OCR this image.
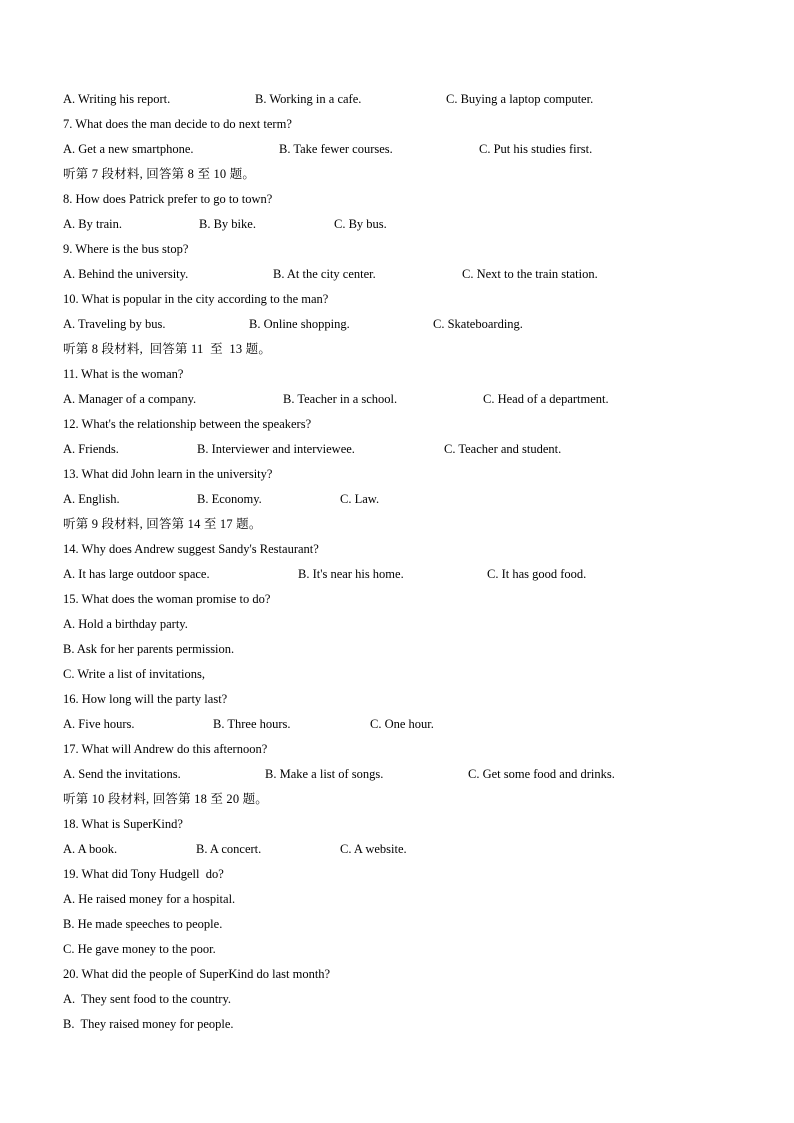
A. Writing his report.	B. Working in a cafe.	C. Buying a laptop computer.
7. What does the man decide to do next term?
A. Get a new smartphone.	B. Take fewer courses.	C. Put his studies first.
听第 7 段材料, 回答第 8 至 10 题。
8. How does Patrick prefer to go to town?
A. By train.	B. By bike.	C. By bus.
9. Where is the bus stop?
A. Behind the university.	B. At the city center.	C. Next to the train station.
10. What is popular in the city according to the man?
A. Traveling by bus.	B. Online shopping.	C. Skateboarding.
听第 8 段材料,  回答第 11  至  13 题。
11. What is the woman?
A. Manager of a company.	B. Teacher in a school.	C. Head of a department.
12. What's the relationship between the speakers?
A. Friends.	B. Interviewer and interviewee.	C. Teacher and student.
13. What did John learn in the university?
A. English.	B. Economy.	C. Law.
听第 9 段材料, 回答第 14 至 17 题。
14. Why does Andrew suggest Sandy's Restaurant?
A. It has large outdoor space.	B. It's near his home.	C. It has good food.
15. What does the woman promise to do?
A. Hold a birthday party.
B. Ask for her parents permission.
C. Write a list of invitations,
16. How long will the party last?
A. Five hours.	B. Three hours.	C. One hour.
17. What will Andrew do this afternoon?
A. Send the invitations.	B. Make a list of songs.	C. Get some food and drinks.
听第 10 段材料, 回答第 18 至 20 题。
18. What is SuperKind?
A. A book.	B. A concert.	C. A website.
19. What did Tony Hudgell  do?
A. He raised money for a hospital.
B. He made speeches to people.
C. He gave money to the poor.
20. What did the people of SuperKind do last month?
A.  They sent food to the country.
B.  They raised money for people.
